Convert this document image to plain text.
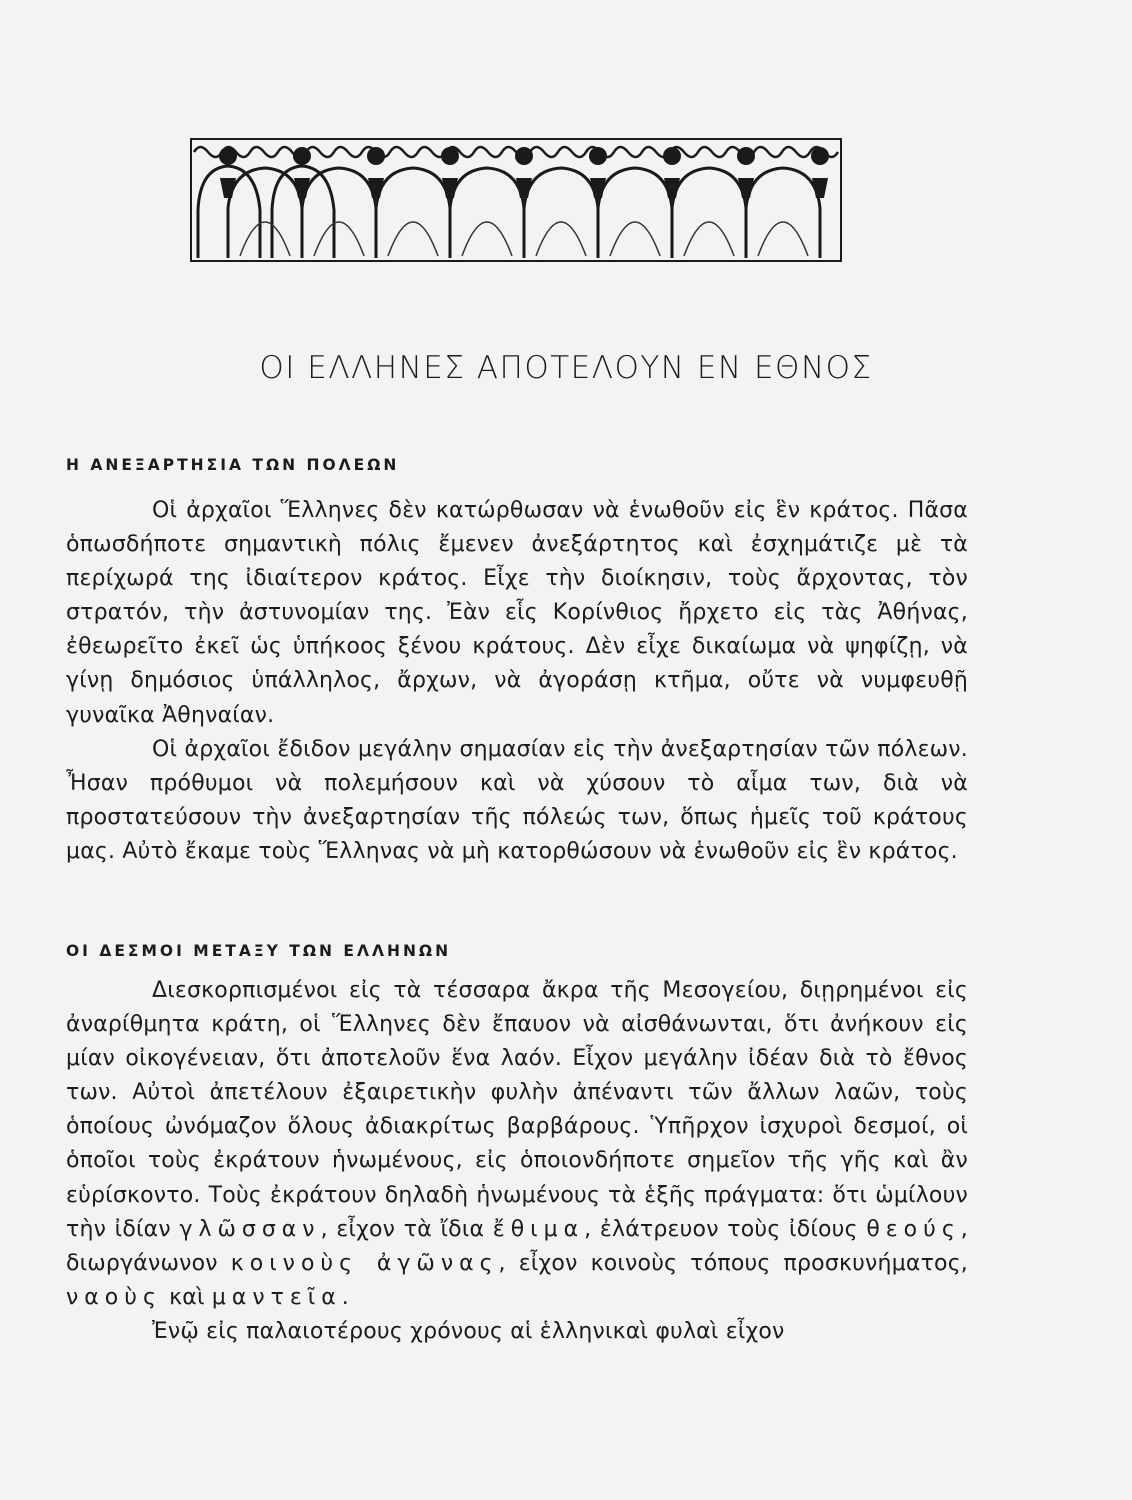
ΟΙ ΕΛΛΗΝΕΣ ΑΠΟΤΕΛΟΥΝ ΕΝ ΕΘΝΟΣ
Η ΑΝΕΞΑΡΤΗΣΙΑ ΤΩΝ ΠΟΛΕΩΝ

Οἱ ἀρχαῖοι Ἕλληνες δὲν κατώρθωσαν νὰ ἑνωθοῦν εἰς ἓν κράτος. Πᾶσα ὁπωσδήποτε σημαντικὴ πόλις ἔμενεν ἀνεξάρτητος καὶ ἐσχημάτιζε μὲ τὰ περίχωρά της ἰδιαίτερον κράτος. Εἶχε τὴν διοίκησιν, τοὺς ἄρχοντας, τὸν στρατόν, τὴν ἀστυνομίαν της. Ἐὰν εἷς Κορίνθιος ἤρχετο εἰς τὰς Ἀθήνας, ἐθεωρεῖτο ἐκεῖ ὡς ὑπήκοος ξένου κράτους. Δὲν εἶχε δικαίωμα νὰ ψηφίζῃ, νὰ γίνῃ δημόσιος ὑπάλληλος, ἄρχων, νὰ ἀγοράσῃ κτῆμα, οὔτε νὰ νυμφευθῇ γυναῖκα Ἀθηναίαν.

Οἱ ἀρχαῖοι ἔδιδον μεγάλην σημασίαν εἰς τὴν ἀνεξαρτησίαν τῶν πόλεων. Ἦσαν πρόθυμοι νὰ πολεμήσουν καὶ νὰ χύσουν τὸ αἷμα των, διὰ νὰ προστατεύσουν τὴν ἀνεξαρτησίαν τῆς πόλεώς των, ὅπως ἡμεῖς τοῦ κράτους μας. Αὐτὸ ἔκαμε τοὺς Ἕλληνας νὰ μὴ κατορθώσουν νὰ ἑνωθοῦν εἰς ἓν κράτος.

ΟΙ ΔΕΣΜΟΙ ΜΕΤΑΞΥ ΤΩΝ ΕΛΛΗΝΩΝ

Διεσκορπισμένοι εἰς τὰ τέσσαρα ἄκρα τῆς Μεσογείου, διῃρημένοι εἰς ἀναρίθμητα κράτη, οἱ Ἕλληνες δὲν ἔπαυον νὰ αἰσθάνωνται, ὅτι ἀνήκουν εἰς μίαν οἰκογένειαν, ὅτι ἀποτελοῦν ἕνα λαόν. Εἶχον μεγάλην ἰδέαν διὰ τὸ ἔθνος των. Αὐτοὶ ἀπετέλουν ἐξαιρετικὴν φυλὴν ἀπέναντι τῶν ἄλλων λαῶν, τοὺς ὁποίους ὠνόμαζον ὅλους ἀδιακρίτως βαρβάρους. Ὑπῆρχον ἰσχυροὶ δεσμοί, οἱ ὁποῖοι τοὺς ἐκράτουν ἡνωμένους, εἰς ὁποιονδήποτε σημεῖον τῆς γῆς καὶ ἂν εὑρίσκοντο. Τοὺς ἐκράτουν δηλαδὴ ἡνωμένους τὰ ἑξῆς πράγματα: ὅτι ὡμίλουν τὴν ἰδίαν γλῶσσαν, εἶχον τὰ ἴδια ἔθιμα, ἐλάτρευον τοὺς ἰδίους θεούς, διωργάνωνον κοινοὺς ἀγῶνας, εἶχον κοινοὺς τόπους προσκυνήματος, ναοὺς καὶ μαντεῖα.

Ἐνῷ εἰς παλαιοτέρους χρόνους αἱ ἑλληνικαὶ φυλαὶ εἶχον
